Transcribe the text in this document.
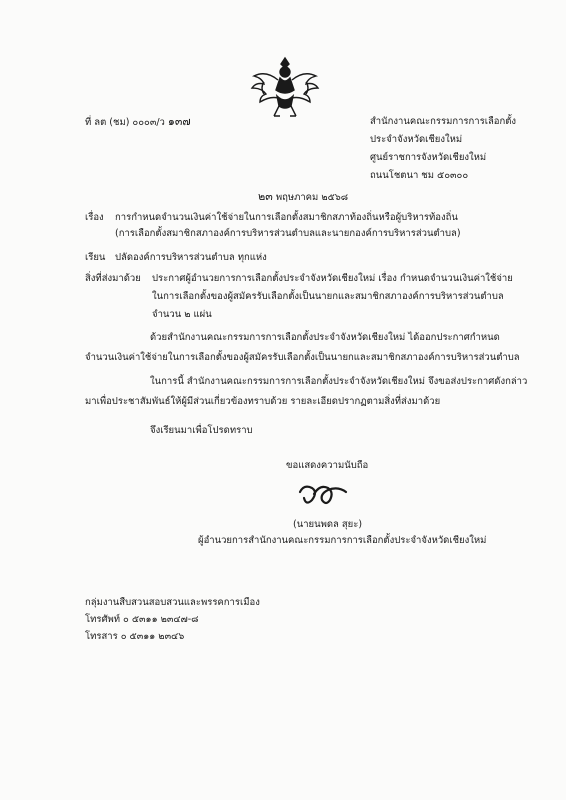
ที่ ลต (ชม) ๐๐๐๓/ว ๑๓๗	สำนักงานคณะกรรมการการเลือกตั้ง
ประจำจังหวัดเชียงใหม่
ศูนย์ราชการจังหวัดเชียงใหม่
ถนนโชตนา ชม ๕๐๓๐๐
๒๓ พฤษภาคม ๒๕๖๘
เรื่อง การกำหนดจำนวนเงินค่าใช้จ่ายในการเลือกตั้งสมาชิกสภาท้องถิ่นหรือผู้บริหารท้องถิ่น
(การเลือกตั้งสมาชิกสภาองค์การบริหารส่วนตำบลและนายกองค์การบริหารส่วนตำบล)
เรียน ปลัดองค์การบริหารส่วนตำบล ทุกแห่ง
สิ่งที่ส่งมาด้วย ประกาศผู้อำนวยการการเลือกตั้งประจำจังหวัดเชียงใหม่ เรื่อง กำหนดจำนวนเงินค่าใช้จ่าย
ในการเลือกตั้งของผู้สมัครรับเลือกตั้งเป็นนายกและสมาชิกสภาองค์การบริหารส่วนตำบล
จำนวน ๒ แผ่น
ด้วยสำนักงานคณะกรรมการการเลือกตั้งประจำจังหวัดเชียงใหม่ ได้ออกประกาศกำหนด
จำนวนเงินค่าใช้จ่ายในการเลือกตั้งของผู้สมัครรับเลือกตั้งเป็นนายกและสมาชิกสภาองค์การบริหารส่วนตำบล
ในการนี้ สำนักงานคณะกรรมการการเลือกตั้งประจำจังหวัดเชียงใหม่ จึงขอส่งประกาศดังกล่าว
มาเพื่อประชาสัมพันธ์ให้ผู้มีส่วนเกี่ยวข้องทราบด้วย รายละเอียดปรากฏตามสิ่งที่ส่งมาด้วย
จึงเรียนมาเพื่อโปรดทราบ
ขอแสดงความนับถือ
(นายนพดล สุยะ)
ผู้อำนวยการสำนักงานคณะกรรมการการเลือกตั้งประจำจังหวัดเชียงใหม่
กลุ่มงานสืบสวนสอบสวนและพรรคการเมือง
โทรศัพท์ ๐ ๕๓๑๑ ๒๓๔๗-๘
โทรสาร ๐ ๕๓๑๑ ๒๓๔๖
